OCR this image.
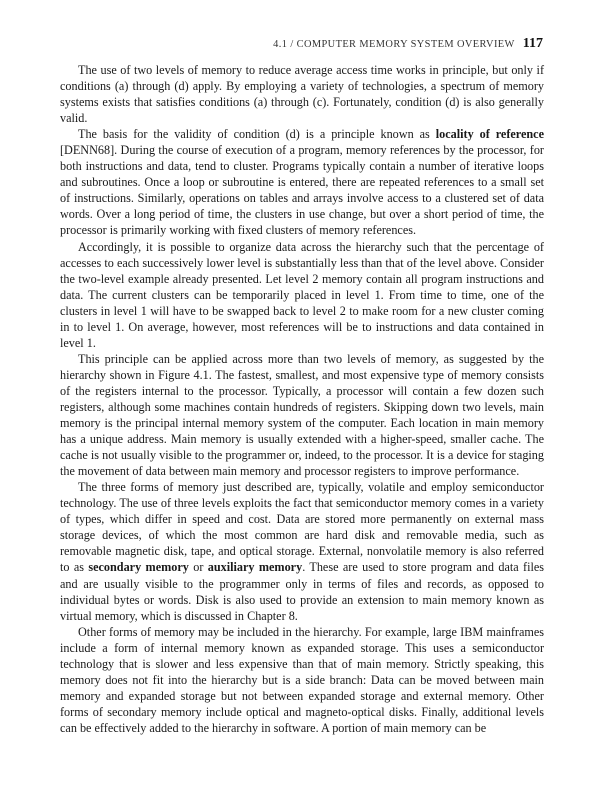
4.1 / COMPUTER MEMORY SYSTEM OVERVIEW 117

The use of two levels of memory to reduce average access time works in principle, but only if conditions (a) through (d) apply. By employing a variety of technologies, a spectrum of memory systems exists that satisfies conditions (a) through (c). Fortunately, condition (d) is also generally valid.

The basis for the validity of condition (d) is a principle known as locality of reference [DENN68]. During the course of execution of a program, memory references by the processor, for both instructions and data, tend to cluster. Programs typically contain a number of iterative loops and subroutines. Once a loop or subroutine is entered, there are repeated references to a small set of instructions. Similarly, operations on tables and arrays involve access to a clustered set of data words. Over a long period of time, the clusters in use change, but over a short period of time, the processor is primarily working with fixed clusters of memory references.

Accordingly, it is possible to organize data across the hierarchy such that the percentage of accesses to each successively lower level is substantially less than that of the level above. Consider the two-level example already presented. Let level 2 memory contain all program instructions and data. The current clusters can be temporarily placed in level 1. From time to time, one of the clusters in level 1 will have to be swapped back to level 2 to make room for a new cluster coming in to level 1. On average, however, most references will be to instructions and data contained in level 1.

This principle can be applied across more than two levels of memory, as suggested by the hierarchy shown in Figure 4.1. The fastest, smallest, and most expensive type of memory consists of the registers internal to the processor. Typically, a processor will contain a few dozen such registers, although some machines contain hundreds of registers. Skipping down two levels, main memory is the principal internal memory system of the computer. Each location in main memory has a unique address. Main memory is usually extended with a higher-speed, smaller cache. The cache is not usually visible to the programmer or, indeed, to the processor. It is a device for staging the movement of data between main memory and processor registers to improve performance.

The three forms of memory just described are, typically, volatile and employ semiconductor technology. The use of three levels exploits the fact that semiconductor memory comes in a variety of types, which differ in speed and cost. Data are stored more permanently on external mass storage devices, of which the most common are hard disk and removable media, such as removable magnetic disk, tape, and optical storage. External, nonvolatile memory is also referred to as secondary memory or auxiliary memory. These are used to store program and data files and are usually visible to the programmer only in terms of files and records, as opposed to individual bytes or words. Disk is also used to provide an extension to main memory known as virtual memory, which is discussed in Chapter 8.

Other forms of memory may be included in the hierarchy. For example, large IBM mainframes include a form of internal memory known as expanded storage. This uses a semiconductor technology that is slower and less expensive than that of main memory. Strictly speaking, this memory does not fit into the hierarchy but is a side branch: Data can be moved between main memory and expanded storage but not between expanded storage and external memory. Other forms of secondary memory include optical and magneto-optical disks. Finally, additional levels can be effectively added to the hierarchy in software. A portion of main memory can be
